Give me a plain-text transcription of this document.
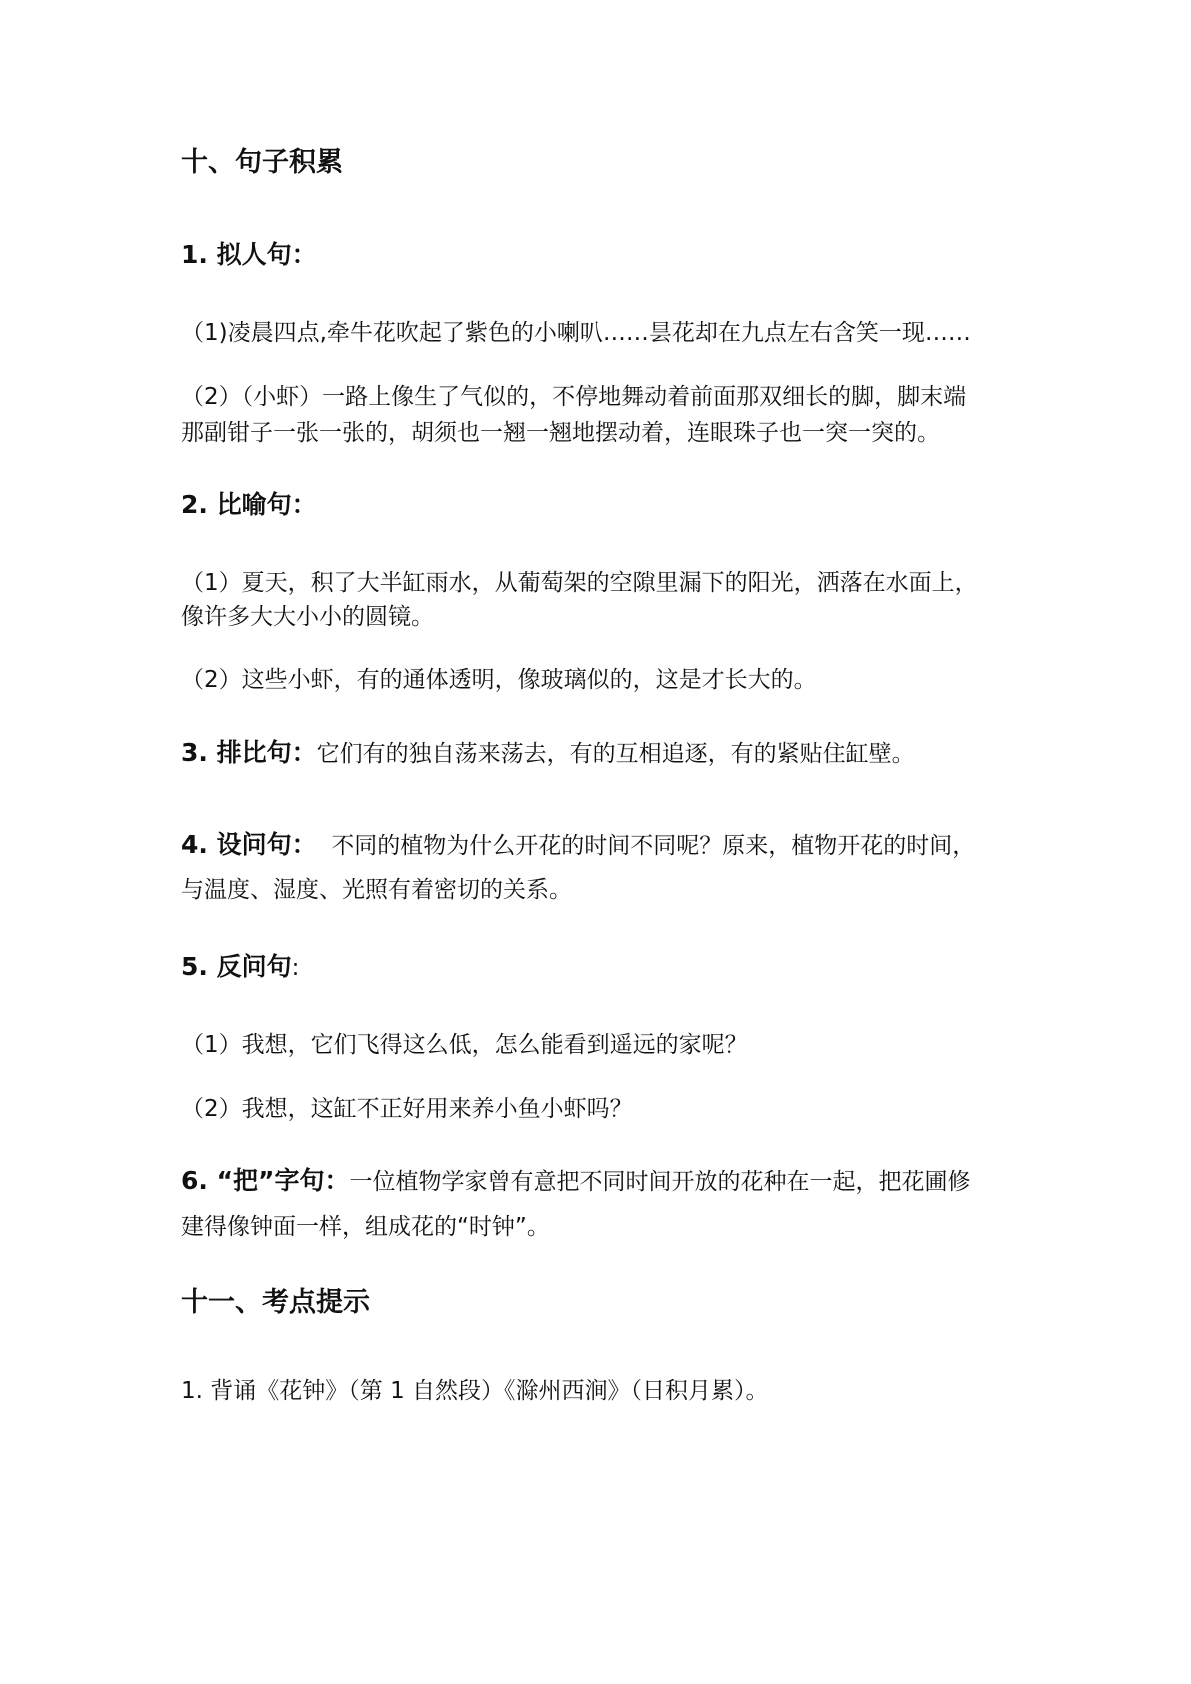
十、句子积累
1. 拟人句：
（1)凌晨四点,牵牛花吹起了紫色的小喇叭……昙花却在九点左右含笑一现……
（2）（小虾）一路上像生了气似的，不停地舞动着前面那双细长的脚，脚末端
那副钳子一张一张的，胡须也一翘一翘地摆动着，连眼珠子也一突一突的。
2. 比喻句：
（1）夏天，积了大半缸雨水，从葡萄架的空隙里漏下的阳光，洒落在水面上，
像许多大大小小的圆镜。
（2）这些小虾，有的通体透明，像玻璃似的，这是才长大的。
3. 排比句：它们有的独自荡来荡去，有的互相追逐，有的紧贴住缸壁。
4. 设问句：  不同的植物为什么开花的时间不同呢？原来，植物开花的时间，
与温度、湿度、光照有着密切的关系。
5. 反问句:
（1）我想，它们飞得这么低，怎么能看到遥远的家呢？
（2）我想，这缸不正好用来养小鱼小虾吗？
6. “把”字句：一位植物学家曾有意把不同时间开放的花种在一起，把花圃修
建得像钟面一样，组成花的“时钟”。
十一、考点提示
1. 背诵《花钟》（第 1 自然段）《滁州西涧》（日积月累）。
